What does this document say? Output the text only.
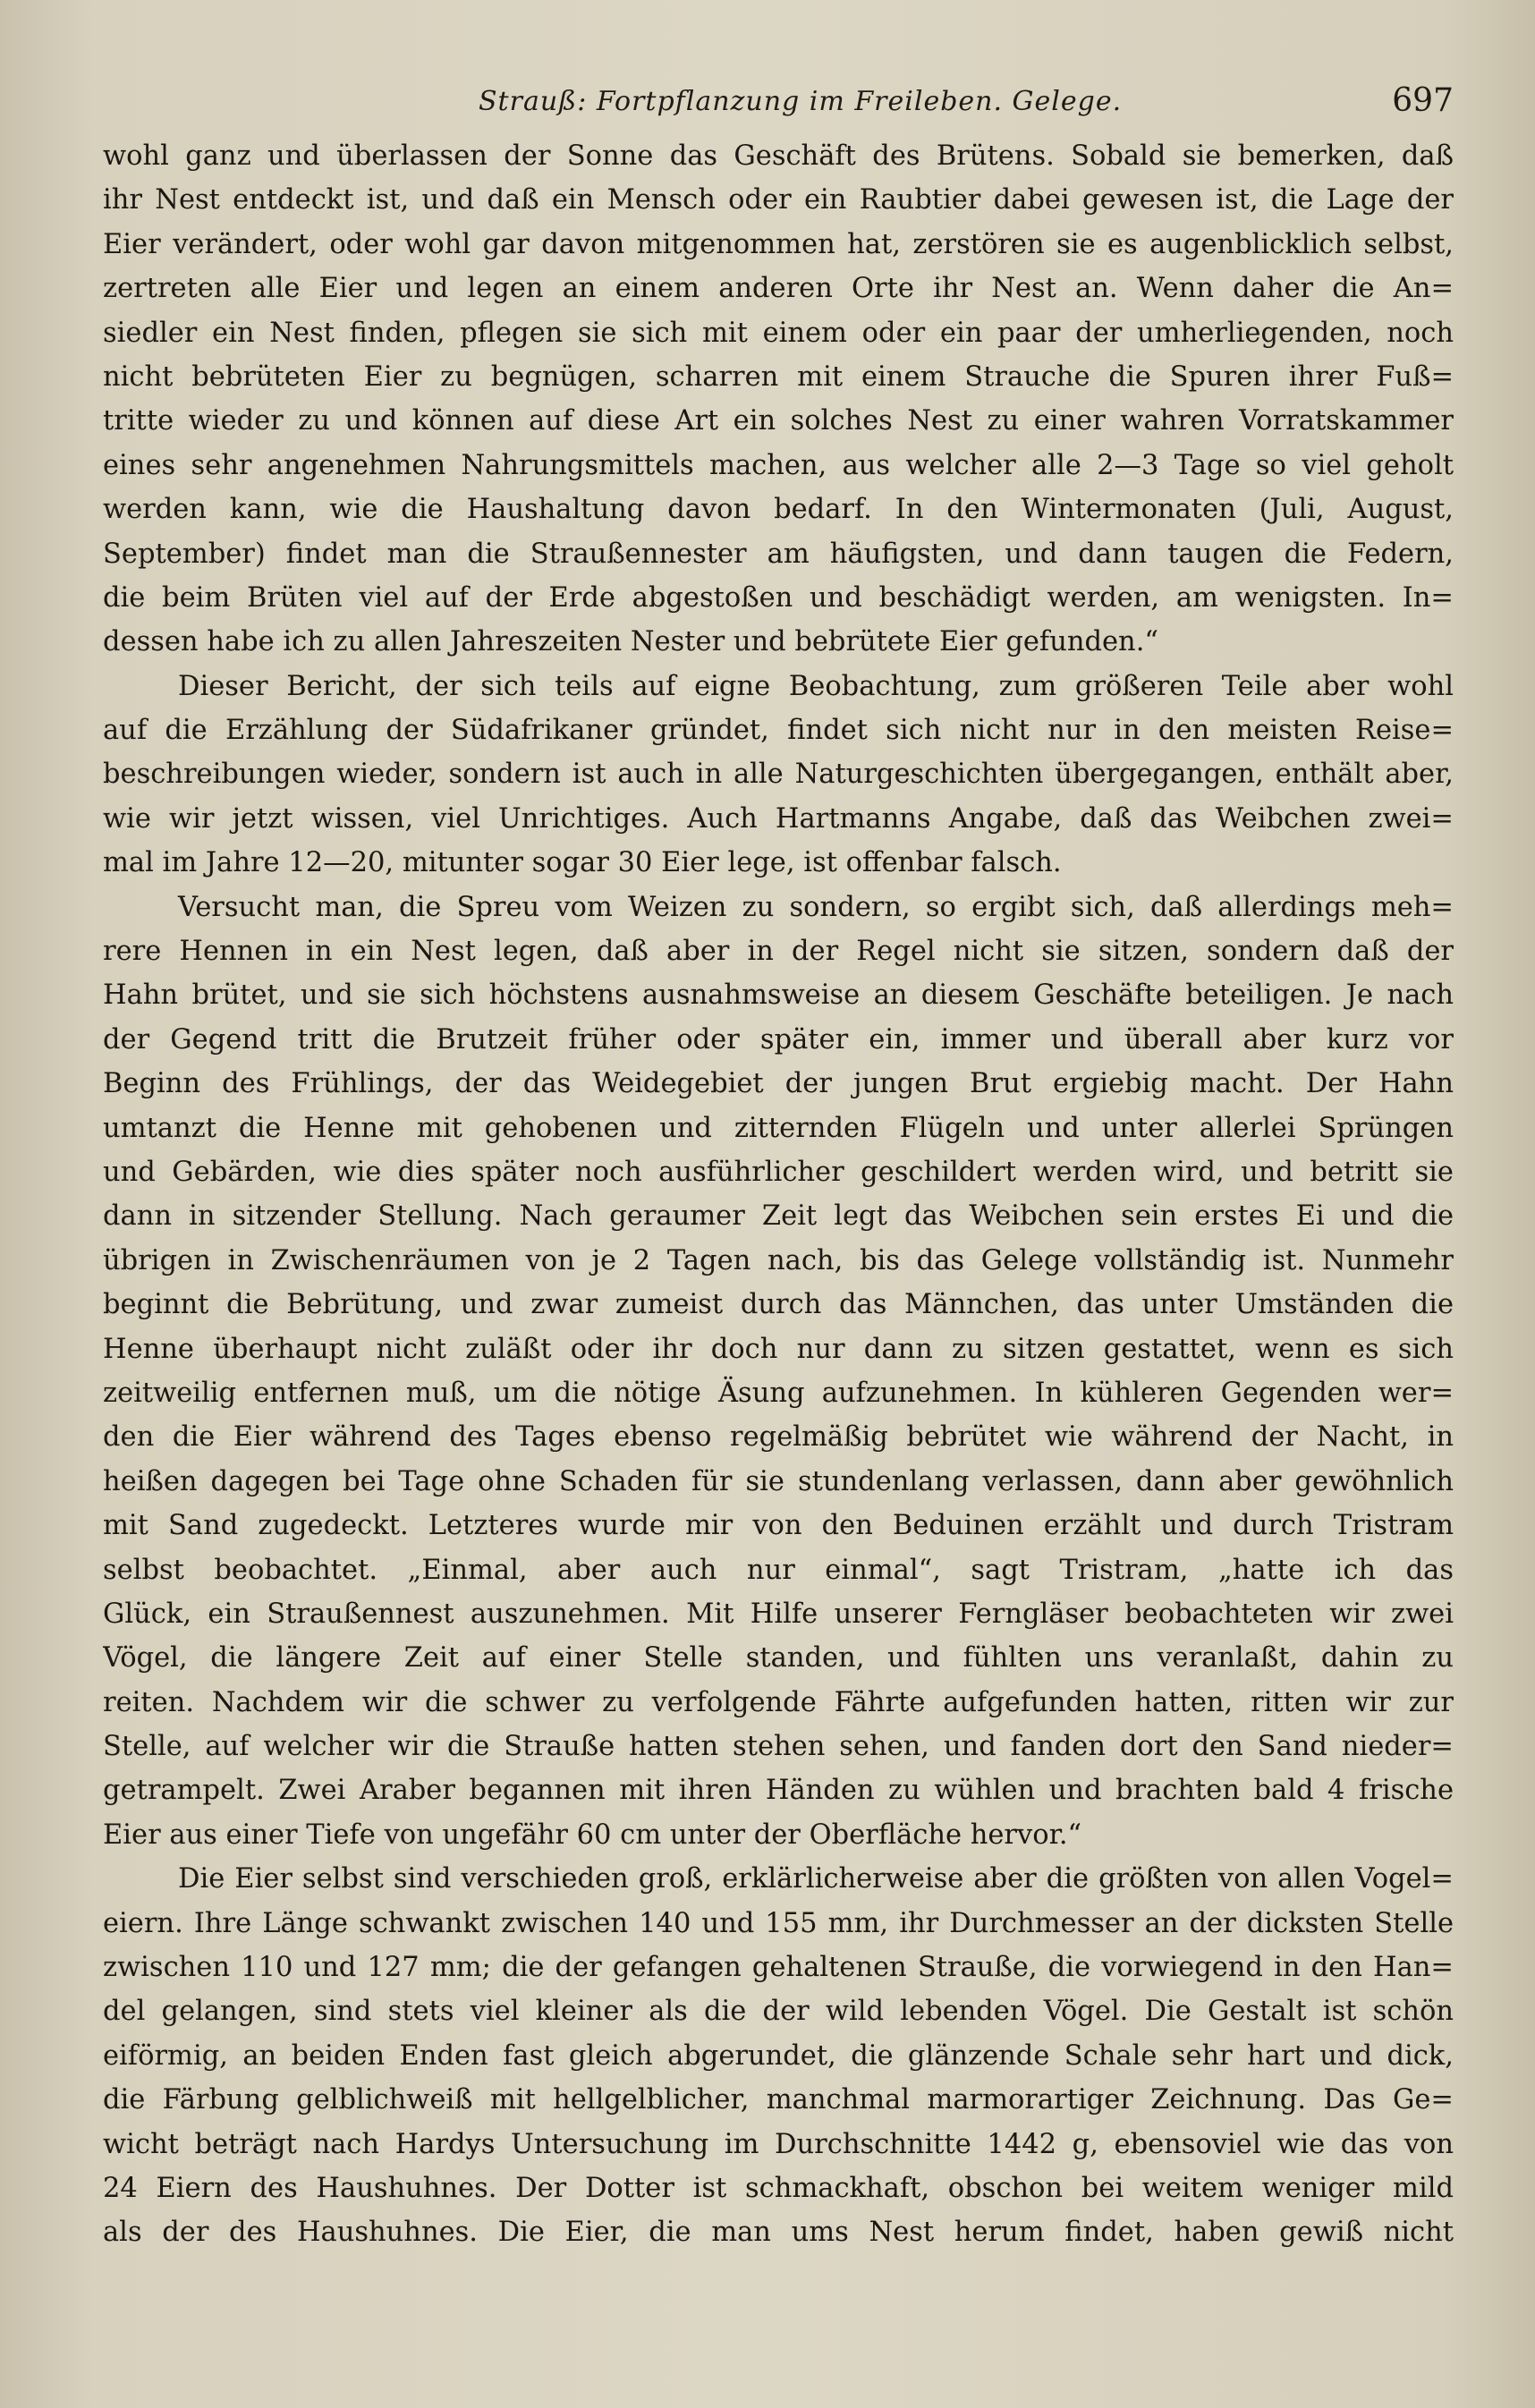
Strauß: Fortpflanzung im Freileben. Gelege.	697
wohl ganz und überlassen der Sonne das Geschäft des Brütens. Sobald sie bemerken, daß
ihr Nest entdeckt ist, und daß ein Mensch oder ein Raubtier dabei gewesen ist, die Lage der
Eier verändert, oder wohl gar davon mitgenommen hat, zerstören sie es augenblicklich selbst,
zertreten alle Eier und legen an einem anderen Orte ihr Nest an. Wenn daher die An=
siedler ein Nest finden, pflegen sie sich mit einem oder ein paar der umherliegenden, noch
nicht bebrüteten Eier zu begnügen, scharren mit einem Strauche die Spuren ihrer Fuß=
tritte wieder zu und können auf diese Art ein solches Nest zu einer wahren Vorratskammer
eines sehr angenehmen Nahrungsmittels machen, aus welcher alle 2—3 Tage so viel geholt
werden kann, wie die Haushaltung davon bedarf. In den Wintermonaten (Juli, August,
September) findet man die Straußennester am häufigsten, und dann taugen die Federn,
die beim Brüten viel auf der Erde abgestoßen und beschädigt werden, am wenigsten. In=
dessen habe ich zu allen Jahreszeiten Nester und bebrütete Eier gefunden.“
Dieser Bericht, der sich teils auf eigne Beobachtung, zum größeren Teile aber wohl
auf die Erzählung der Südafrikaner gründet, findet sich nicht nur in den meisten Reise=
beschreibungen wieder, sondern ist auch in alle Naturgeschichten übergegangen, enthält aber,
wie wir jetzt wissen, viel Unrichtiges. Auch Hartmanns Angabe, daß das Weibchen zwei=
mal im Jahre 12—20, mitunter sogar 30 Eier lege, ist offenbar falsch.
Versucht man, die Spreu vom Weizen zu sondern, so ergibt sich, daß allerdings meh=
rere Hennen in ein Nest legen, daß aber in der Regel nicht sie sitzen, sondern daß der
Hahn brütet, und sie sich höchstens ausnahmsweise an diesem Geschäfte beteiligen. Je nach
der Gegend tritt die Brutzeit früher oder später ein, immer und überall aber kurz vor
Beginn des Frühlings, der das Weidegebiet der jungen Brut ergiebig macht. Der Hahn
umtanzt die Henne mit gehobenen und zitternden Flügeln und unter allerlei Sprüngen
und Gebärden, wie dies später noch ausführlicher geschildert werden wird, und betritt sie
dann in sitzender Stellung. Nach geraumer Zeit legt das Weibchen sein erstes Ei und die
übrigen in Zwischenräumen von je 2 Tagen nach, bis das Gelege vollständig ist. Nunmehr
beginnt die Bebrütung, und zwar zumeist durch das Männchen, das unter Umständen die
Henne überhaupt nicht zuläßt oder ihr doch nur dann zu sitzen gestattet, wenn es sich
zeitweilig entfernen muß, um die nötige Äsung aufzunehmen. In kühleren Gegenden wer=
den die Eier während des Tages ebenso regelmäßig bebrütet wie während der Nacht, in
heißen dagegen bei Tage ohne Schaden für sie stundenlang verlassen, dann aber gewöhnlich
mit Sand zugedeckt. Letzteres wurde mir von den Beduinen erzählt und durch Tristram
selbst beobachtet. „Einmal, aber auch nur einmal“, sagt Tristram, „hatte ich das
Glück, ein Straußennest auszunehmen. Mit Hilfe unserer Ferngläser beobachteten wir zwei
Vögel, die längere Zeit auf einer Stelle standen, und fühlten uns veranlaßt, dahin zu
reiten. Nachdem wir die schwer zu verfolgende Fährte aufgefunden hatten, ritten wir zur
Stelle, auf welcher wir die Strauße hatten stehen sehen, und fanden dort den Sand nieder=
getrampelt. Zwei Araber begannen mit ihren Händen zu wühlen und brachten bald 4 frische
Eier aus einer Tiefe von ungefähr 60 cm unter der Oberfläche hervor.“
Die Eier selbst sind verschieden groß, erklärlicherweise aber die größten von allen Vogel=
eiern. Ihre Länge schwankt zwischen 140 und 155 mm, ihr Durchmesser an der dicksten Stelle
zwischen 110 und 127 mm; die der gefangen gehaltenen Strauße, die vorwiegend in den Han=
del gelangen, sind stets viel kleiner als die der wild lebenden Vögel. Die Gestalt ist schön
eiförmig, an beiden Enden fast gleich abgerundet, die glänzende Schale sehr hart und dick,
die Färbung gelblichweiß mit hellgelblicher, manchmal marmorartiger Zeichnung. Das Ge=
wicht beträgt nach Hardys Untersuchung im Durchschnitte 1442 g, ebensoviel wie das von
24 Eiern des Haushuhnes. Der Dotter ist schmackhaft, obschon bei weitem weniger mild
als der des Haushuhnes. Die Eier, die man ums Nest herum findet, haben gewiß nicht
